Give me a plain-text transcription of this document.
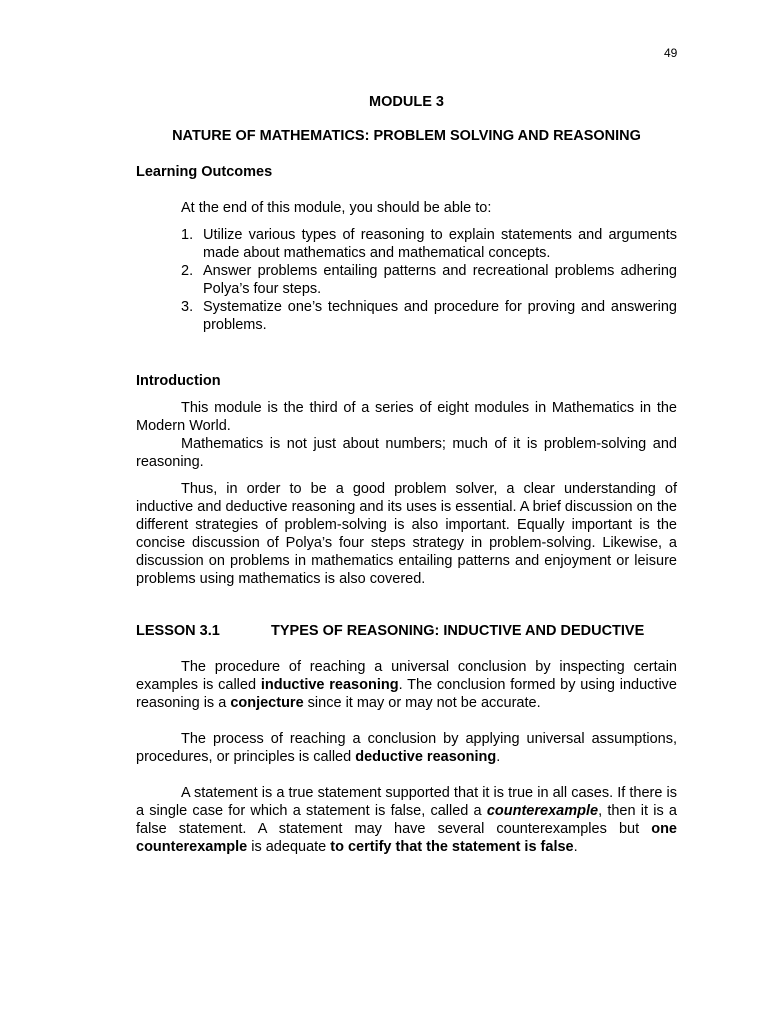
49
MODULE 3
NATURE OF MATHEMATICS: PROBLEM SOLVING AND REASONING
Learning Outcomes

At the end of this module, you should be able to:

1. Utilize various types of reasoning to explain statements and arguments made about mathematics and mathematical concepts.
2. Answer problems entailing patterns and recreational problems adhering Polya’s four steps.
3. Systematize one’s techniques and procedure for proving and answering problems.
Introduction

This module is the third of a series of eight modules in Mathematics in the Modern World.

Mathematics is not just about numbers; much of it is problem-solving and reasoning.

Thus, in order to be a good problem solver, a clear understanding of inductive and deductive reasoning and its uses is essential. A brief discussion on the different strategies of problem-solving is also important. Equally important is the concise discussion of Polya’s four steps strategy in problem-solving. Likewise, a discussion on problems in mathematics entailing patterns and enjoyment or leisure problems using mathematics is also covered.

LESSON 3.1	TYPES OF REASONING: INDUCTIVE AND DEDUCTIVE

The procedure of reaching a universal conclusion by inspecting certain examples is called inductive reasoning. The conclusion formed by using inductive reasoning is a conjecture since it may or may not be accurate.

The process of reaching a conclusion by applying universal assumptions, procedures, or principles is called deductive reasoning.

A statement is a true statement supported that it is true in all cases. If there is a single case for which a statement is false, called a counterexample, then it is a false statement. A statement may have several counterexamples but one counterexample is adequate to certify that the statement is false.
